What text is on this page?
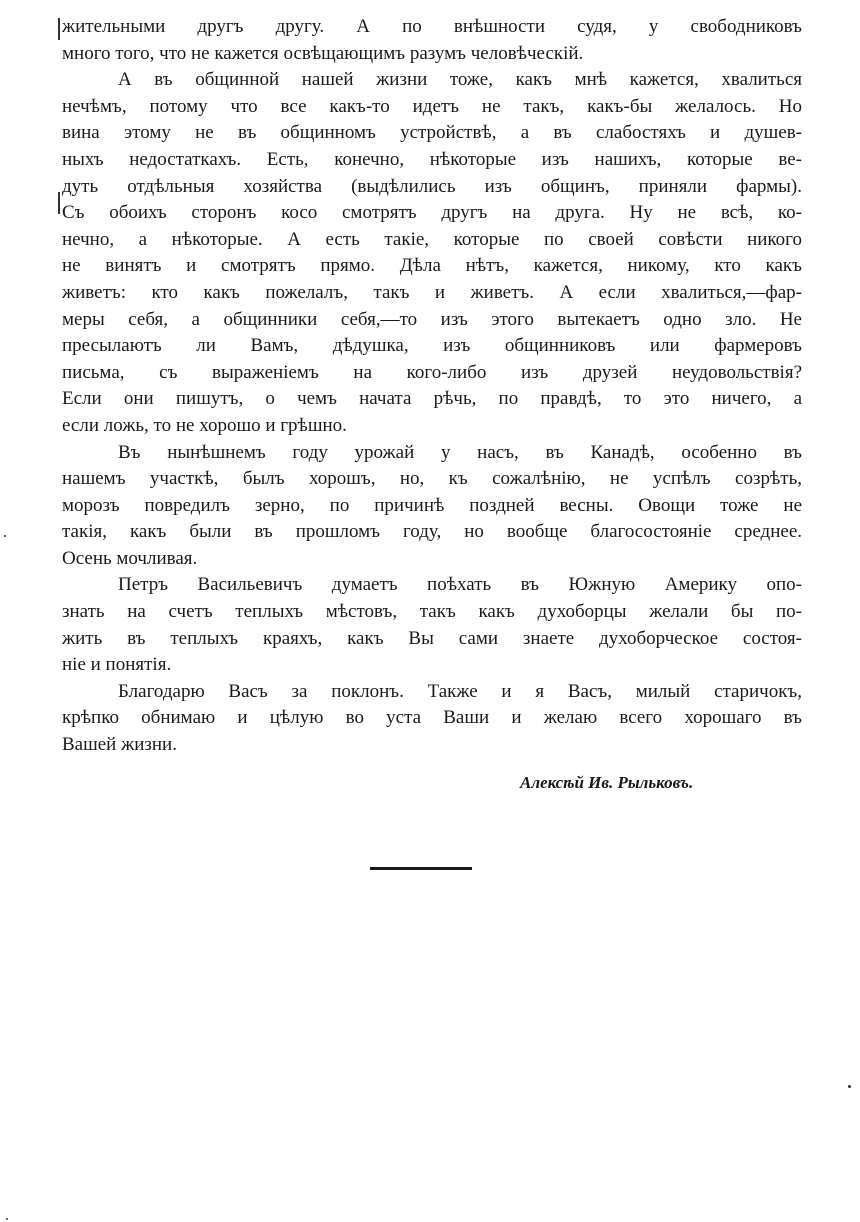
жительными другъ другу. А по внѣшности судя, у свободниковъ
много того, что не кажется освѣщающимъ разумъ человѣческій.
А въ общинной нашей жизни тоже, какъ мнѣ кажется, хвалиться
нечѣмъ, потому что все какъ-то идетъ не такъ, какъ-бы желалось. Но
вина этому не въ общинномъ устройствѣ, а въ слабостяхъ и душев-
ныхъ недостаткахъ. Есть, конечно, нѣкоторые изъ нашихъ, которые ве-
дуть отдѣльныя хозяйства (выдѣлились изъ общинъ, приняли фармы).
Съ обоихъ сторонъ косо смотрятъ другъ на друга. Ну не всѣ, ко-
нечно, а нѣкоторые. А есть такіе, которые по своей совѣсти никого
не винятъ и смотрятъ прямо. Дѣла нѣтъ, кажется, никому, кто какъ
живетъ: кто какъ пожелалъ, такъ и живетъ. А если хвалиться,—фар-
меры себя, а общинники себя,—то изъ этого вытекаетъ одно зло. Не
пресылаютъ ли Вамъ, дѣдушка, изъ общинниковъ или фармеровъ
письма, съ выраженіемъ на кого-либо изъ друзей неудовольствія?
Если они пишутъ, о чемъ начата рѣчь, по правдѣ, то это ничего, а
если ложь, то не хорошо и грѣшно.
Въ нынѣшнемъ году урожай у насъ, въ Канадѣ, особенно въ
нашемъ участкѣ, былъ хорошъ, но, къ сожалѣнію, не успѣлъ созрѣть,
морозъ повредилъ зерно, по причинѣ поздней весны. Овощи тоже не
такія, какъ были въ прошломъ году, но вообще благосостояніе среднее.
Осень мочливая.
Петръ Васильевичъ думаетъ поѣхать въ Южную Америку опо-
знать на счетъ теплыхъ мѣстовъ, такъ какъ духоборцы желали бы по-
жить въ теплыхъ краяхъ, какъ Вы сами знаете духоборческое состоя-
ніе и понятія.
Благодарю Васъ за поклонъ. Также и я Васъ, милый старичокъ,
крѣпко обнимаю и цѣлую во уста Ваши и желаю всего хорошаго въ
Вашей жизни.
Алексѣй Ив. Рыльковъ.
